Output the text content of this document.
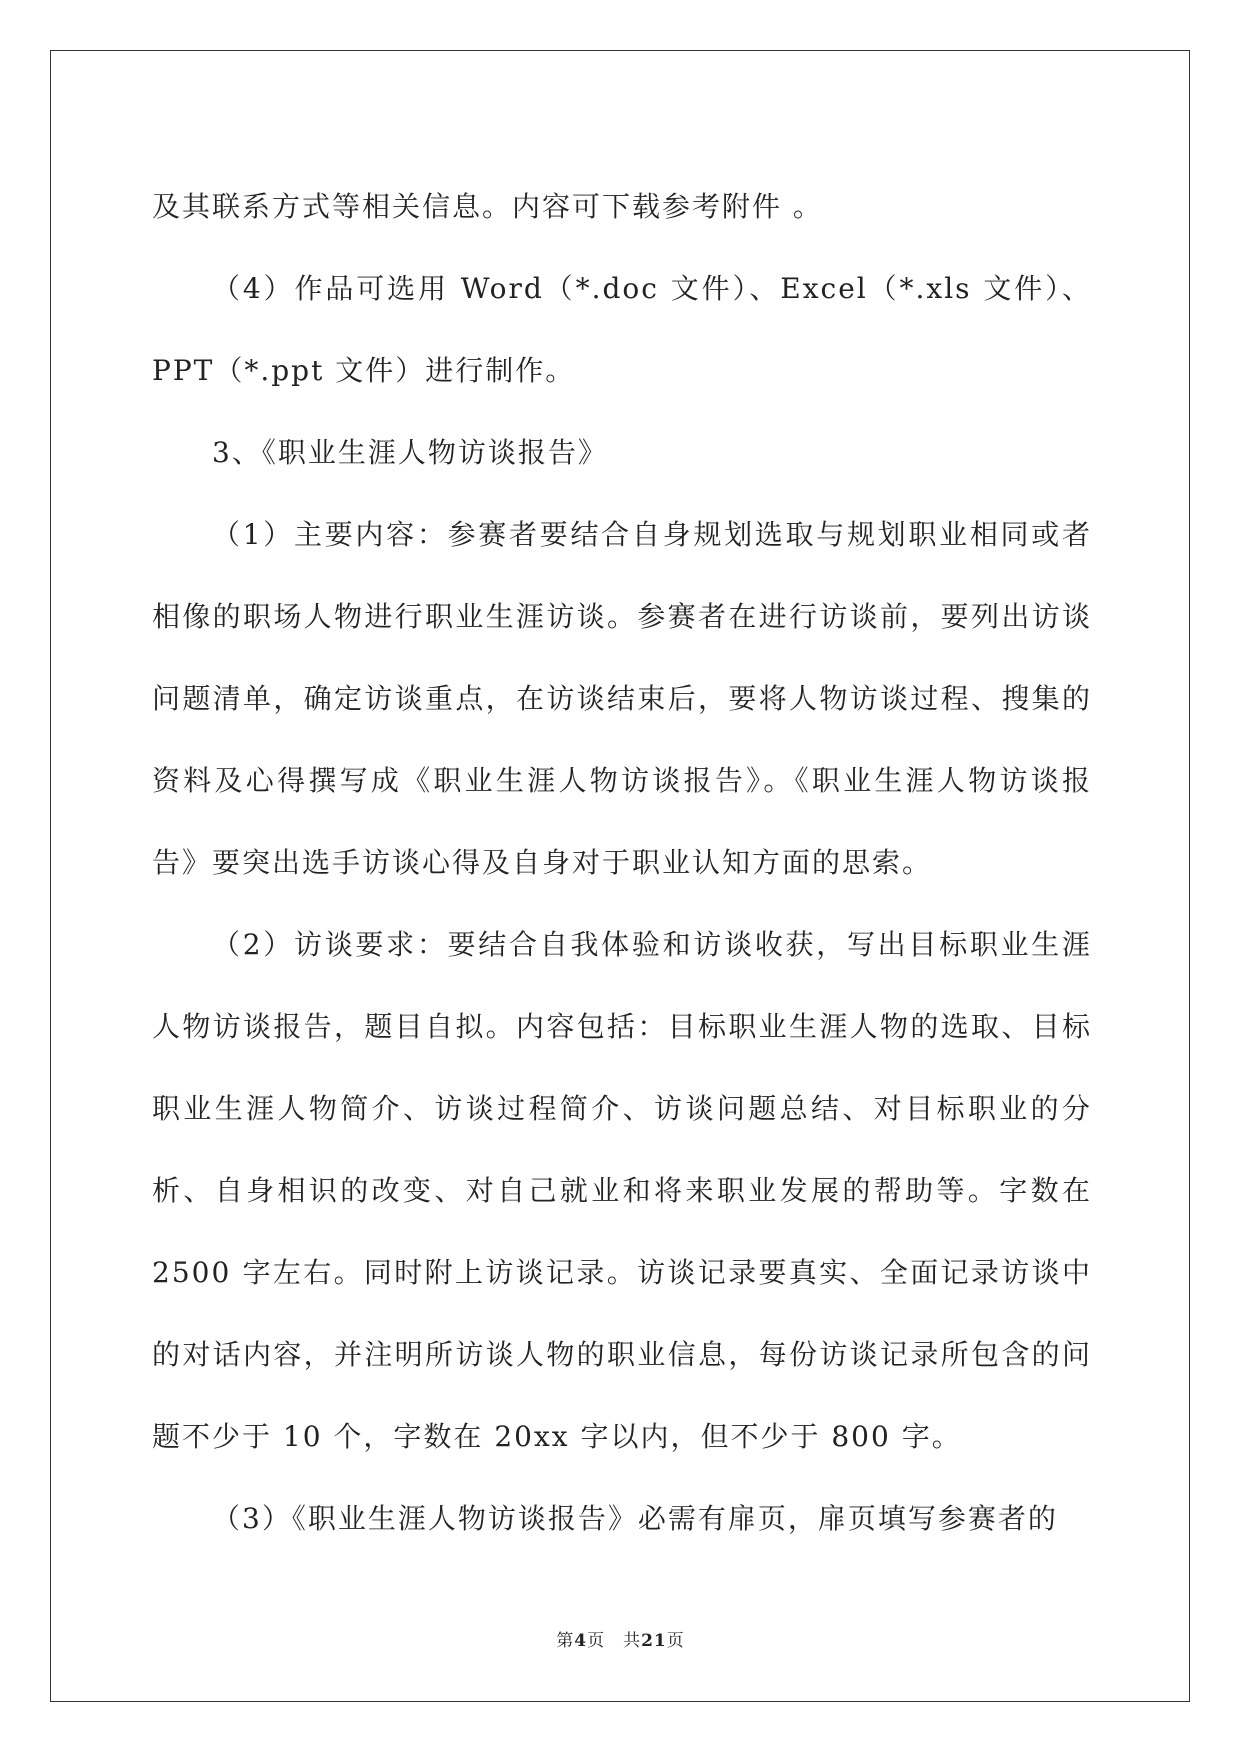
及其联系方式等相关信息。内容可下载参考附件 。

（4）作品可选用 Word（*.doc 文件）、Excel（*.xls 文件）、PPT（*.ppt 文件）进行制作。

3、《职业生涯人物访谈报告》

（1）主要内容：参赛者要结合自身规划选取与规划职业相同或者相像的职场人物进行职业生涯访谈。参赛者在进行访谈前，要列出访谈问题清单，确定访谈重点，在访谈结束后，要将人物访谈过程、搜集的资料及心得撰写成《职业生涯人物访谈报告》。《职业生涯人物访谈报告》要突出选手访谈心得及自身对于职业认知方面的思索。

（2）访谈要求：要结合自我体验和访谈收获，写出目标职业生涯人物访谈报告，题目自拟。内容包括：目标职业生涯人物的选取、目标职业生涯人物简介、访谈过程简介、访谈问题总结、对目标职业的分析、自身相识的改变、对自己就业和将来职业发展的帮助等。字数在 2500 字左右。同时附上访谈记录。访谈记录要真实、全面记录访谈中的对话内容，并注明所访谈人物的职业信息，每份访谈记录所包含的问题不少于 10 个，字数在 20xx 字以内，但不少于 800 字。

（3）《职业生涯人物访谈报告》必需有扉页，扉页填写参赛者的

第4页 共21页
